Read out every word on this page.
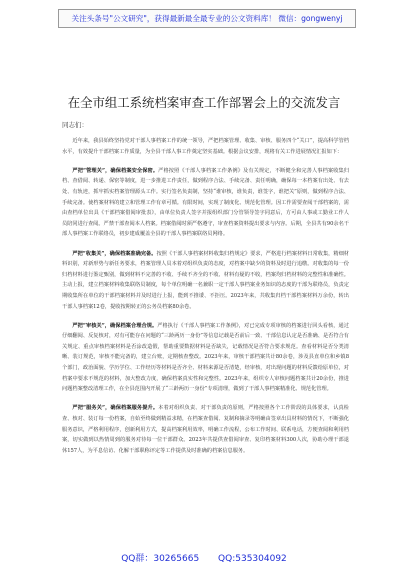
关注头条号"公文研究"，获得最新最全最专业的公文资料库！ 微信：gongwenyj
在全市组工系统档案审查工作部署会上的交流发言
同志们：

近年来，我县始终坚持党对干部人事档案工作的统一领导，严把档案管理、收集、审核、服务四个“关口”，提高科学管档水平，有效提升干部档案工作质量，为全县干部人事工作奠定坚实基础。根据会议安排，现将有关工作进展情况汇报如下：

严把“管理关”，确保档案安全保密。严格按照《干部人事档案工作条例》及有关规定，不断健全和完善人事档案收集归档、查借阅、转递、保密等制度，进一步推进工作责任，做到程序合法、手续完备、责任明确，确保每一本档案有出处、有去处、有轨迹，抓牢抓实档案管理源头工作。实行签名负责制，坚持“谁审核，谁负责，谁签字，谁把关”原则，做到程序合法、手续完备。使档案材料的建立和管理工作有章可循。有限时间，实现了制度化、规范化管理。因工作需要查阅干部档案的，需由查档单位出具《干部档案借阅审批表》，由单位负责人签字并报组织部门分管领导签字同意后，方可由人事或工勤业工作人员陪同进行查阅。严禁干部查阅本人档案。档案借阅时须严格遵守，审查档案资料提出要求与内容。后期，全县共有90余名干部人事档案工作联络员，初步建成覆盖全县的干部人事档案联络员网络。

严把“收集关”，确保档案准确完备。按照《干部人事档案材料收集归档规定》要求，严格进行档案材料日常收集，精细材料识别，对新形势与新任务要求，档案管理人员本着对组织负责的态度，对档案中缺少的资料及时进行追缴。对收集的每一份归档材料进行鉴定甄别，做到材料不完善的不收、手续不齐全的不收、材料有疑的不收，档案均归档材料的完整性和准确性。主动上报，建立档案材料收集联络员制度，每个单位明确一名兼职一定干部人事档案业务知识的态度的干部为联络员，负责定期收集所在单位的干部档案材料并及时进行上报，能到不推诿、不拒压。2023年来，共收集归档干部档案材料万余份，转出干部人事档案12卷，提收按期转正的公务员档案80余卷。

严把“审核关”，确保档案合理合规。严格执行《干部人事档案工作条例》，对已完成专项审核的档案进行回头看核，通过仔细翻阅、反复核对，对有可能存在问题的“三龄两历一身份”等信息记载是否前后一致、干部信息认定是否准确、是否符合有关规定、重点审核档案材料是否涂改造假，帮助重要数据材料是否缺失，记载情况是否符合要求规范。查看材料是否分类清晰、装订规范，审核不能完备的，建立台账，定期核查整改。2023年来，审核干部档案共计80余卷，涉及县直单位和乡镇8个部门，政治面貌、学历学位、工作经历等材料是否齐全、材料来源是否清楚，经审核，对出现问题的材料反馈给原单位，对档案中要求不规范的材料，加大整改力度，确保档案真实性和完整性。2023年来，组织专人审核问题档案共计20余份，推进问题档案整改清理工作，在全县范围内开展了“三龄两历一身份”专项清理，做到了干部人事档案精准化、规范化管理。

严把“服务关”，确保档案服务提升。本着对组织负责、对干部负责的原则，严格按照各个工作阶段的具体要求，认真检查、核对、装订每一份档案，自始至终做到精益求精，在档案查借阅、复制和摘录等明确由签章出具材料的情况下，不断强化服务意识，严格利用程序，创新利用方式，提高档案利用效率，明确工作流程，公布工作时间、联系电话，方便查阅和利用档案，切实做到以热情周到的服务对待每一位干部群众。2023年共提供查借阅审查、复印档案材料300人次，协助办理干部退休157人，为平息信访、化解干部职称评定等工作提供及时准确的档案信息服务。

QQ群：30265665 QQ:535304092
